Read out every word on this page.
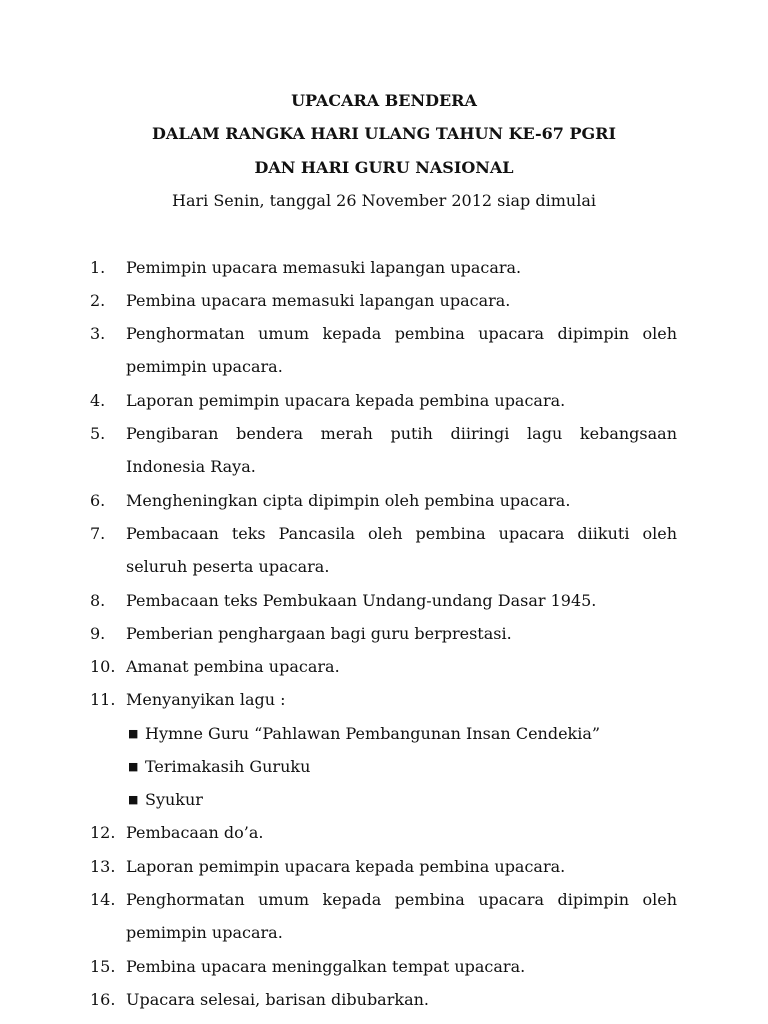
UPACARA BENDERA
DALAM RANGKA HARI ULANG TAHUN KE-67 PGRI
DAN HARI GURU NASIONAL
Hari Senin, tanggal 26 November 2012 siap dimulai
1.	Pemimpin upacara memasuki lapangan upacara.
2.	Pembina upacara memasuki lapangan upacara.
3.	Penghormatan umum kepada pembina upacara dipimpin oleh
pemimpin upacara.
4.	Laporan pemimpin upacara kepada pembina upacara.
5.	Pengibaran bendera merah putih diiringi lagu kebangsaan
Indonesia Raya.
6.	Mengheningkan cipta dipimpin oleh pembina upacara.
7.	Pembacaan teks Pancasila oleh pembina upacara diikuti oleh
seluruh peserta upacara.
8.	Pembacaan teks Pembukaan Undang-undang Dasar 1945.
9.	Pemberian penghargaan bagi guru berprestasi.
10. Amanat pembina upacara.
11. Menyanyikan lagu :
■ Hymne Guru “Pahlawan Pembangunan Insan Cendekia”
■ Terimakasih Guruku
■ Syukur
12. Pembacaan do’a.
13. Laporan pemimpin upacara kepada pembina upacara.
14. Penghormatan umum kepada pembina upacara dipimpin oleh
pemimpin upacara.
15. Pembina upacara meninggalkan tempat upacara.
16. Upacara selesai, barisan dibubarkan.
